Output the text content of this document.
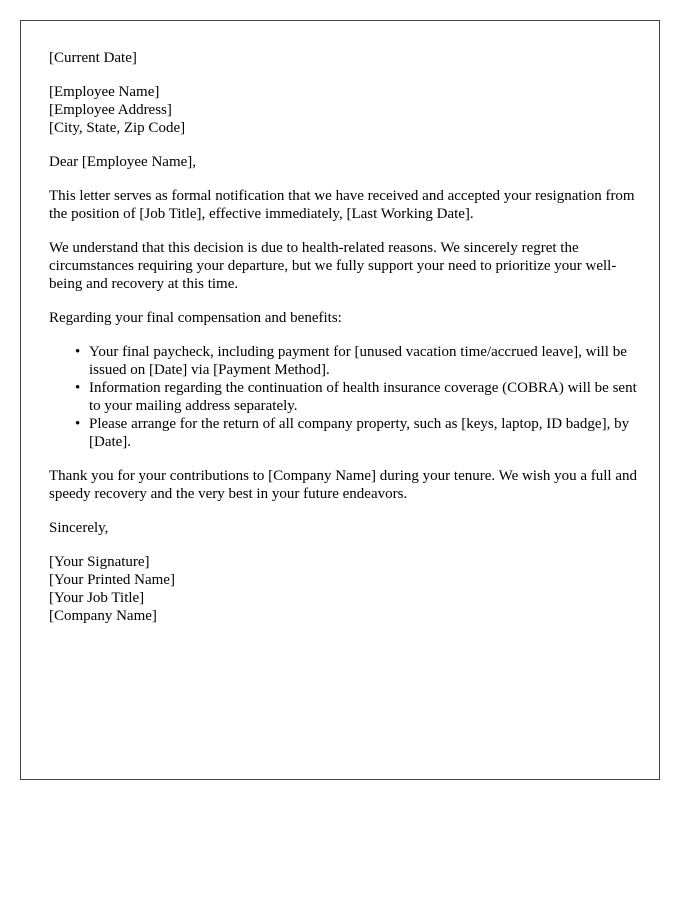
[Current Date]

[Employee Name]
[Employee Address]
[City, State, Zip Code]

Dear [Employee Name],

This letter serves as formal notification that we have received and accepted your resignation from the position of [Job Title], effective immediately, [Last Working Date].

We understand that this decision is due to health-related reasons. We sincerely regret the circumstances requiring your departure, but we fully support your need to prioritize your well-being and recovery at this time.

Regarding your final compensation and benefits:

• Your final paycheck, including payment for [unused vacation time/accrued leave], will be issued on [Date] via [Payment Method].
• Information regarding the continuation of health insurance coverage (COBRA) will be sent to your mailing address separately.
• Please arrange for the return of all company property, such as [keys, laptop, ID badge], by [Date].

Thank you for your contributions to [Company Name] during your tenure. We wish you a full and speedy recovery and the very best in your future endeavors.

Sincerely,

[Your Signature]
[Your Printed Name]
[Your Job Title]
[Company Name]
